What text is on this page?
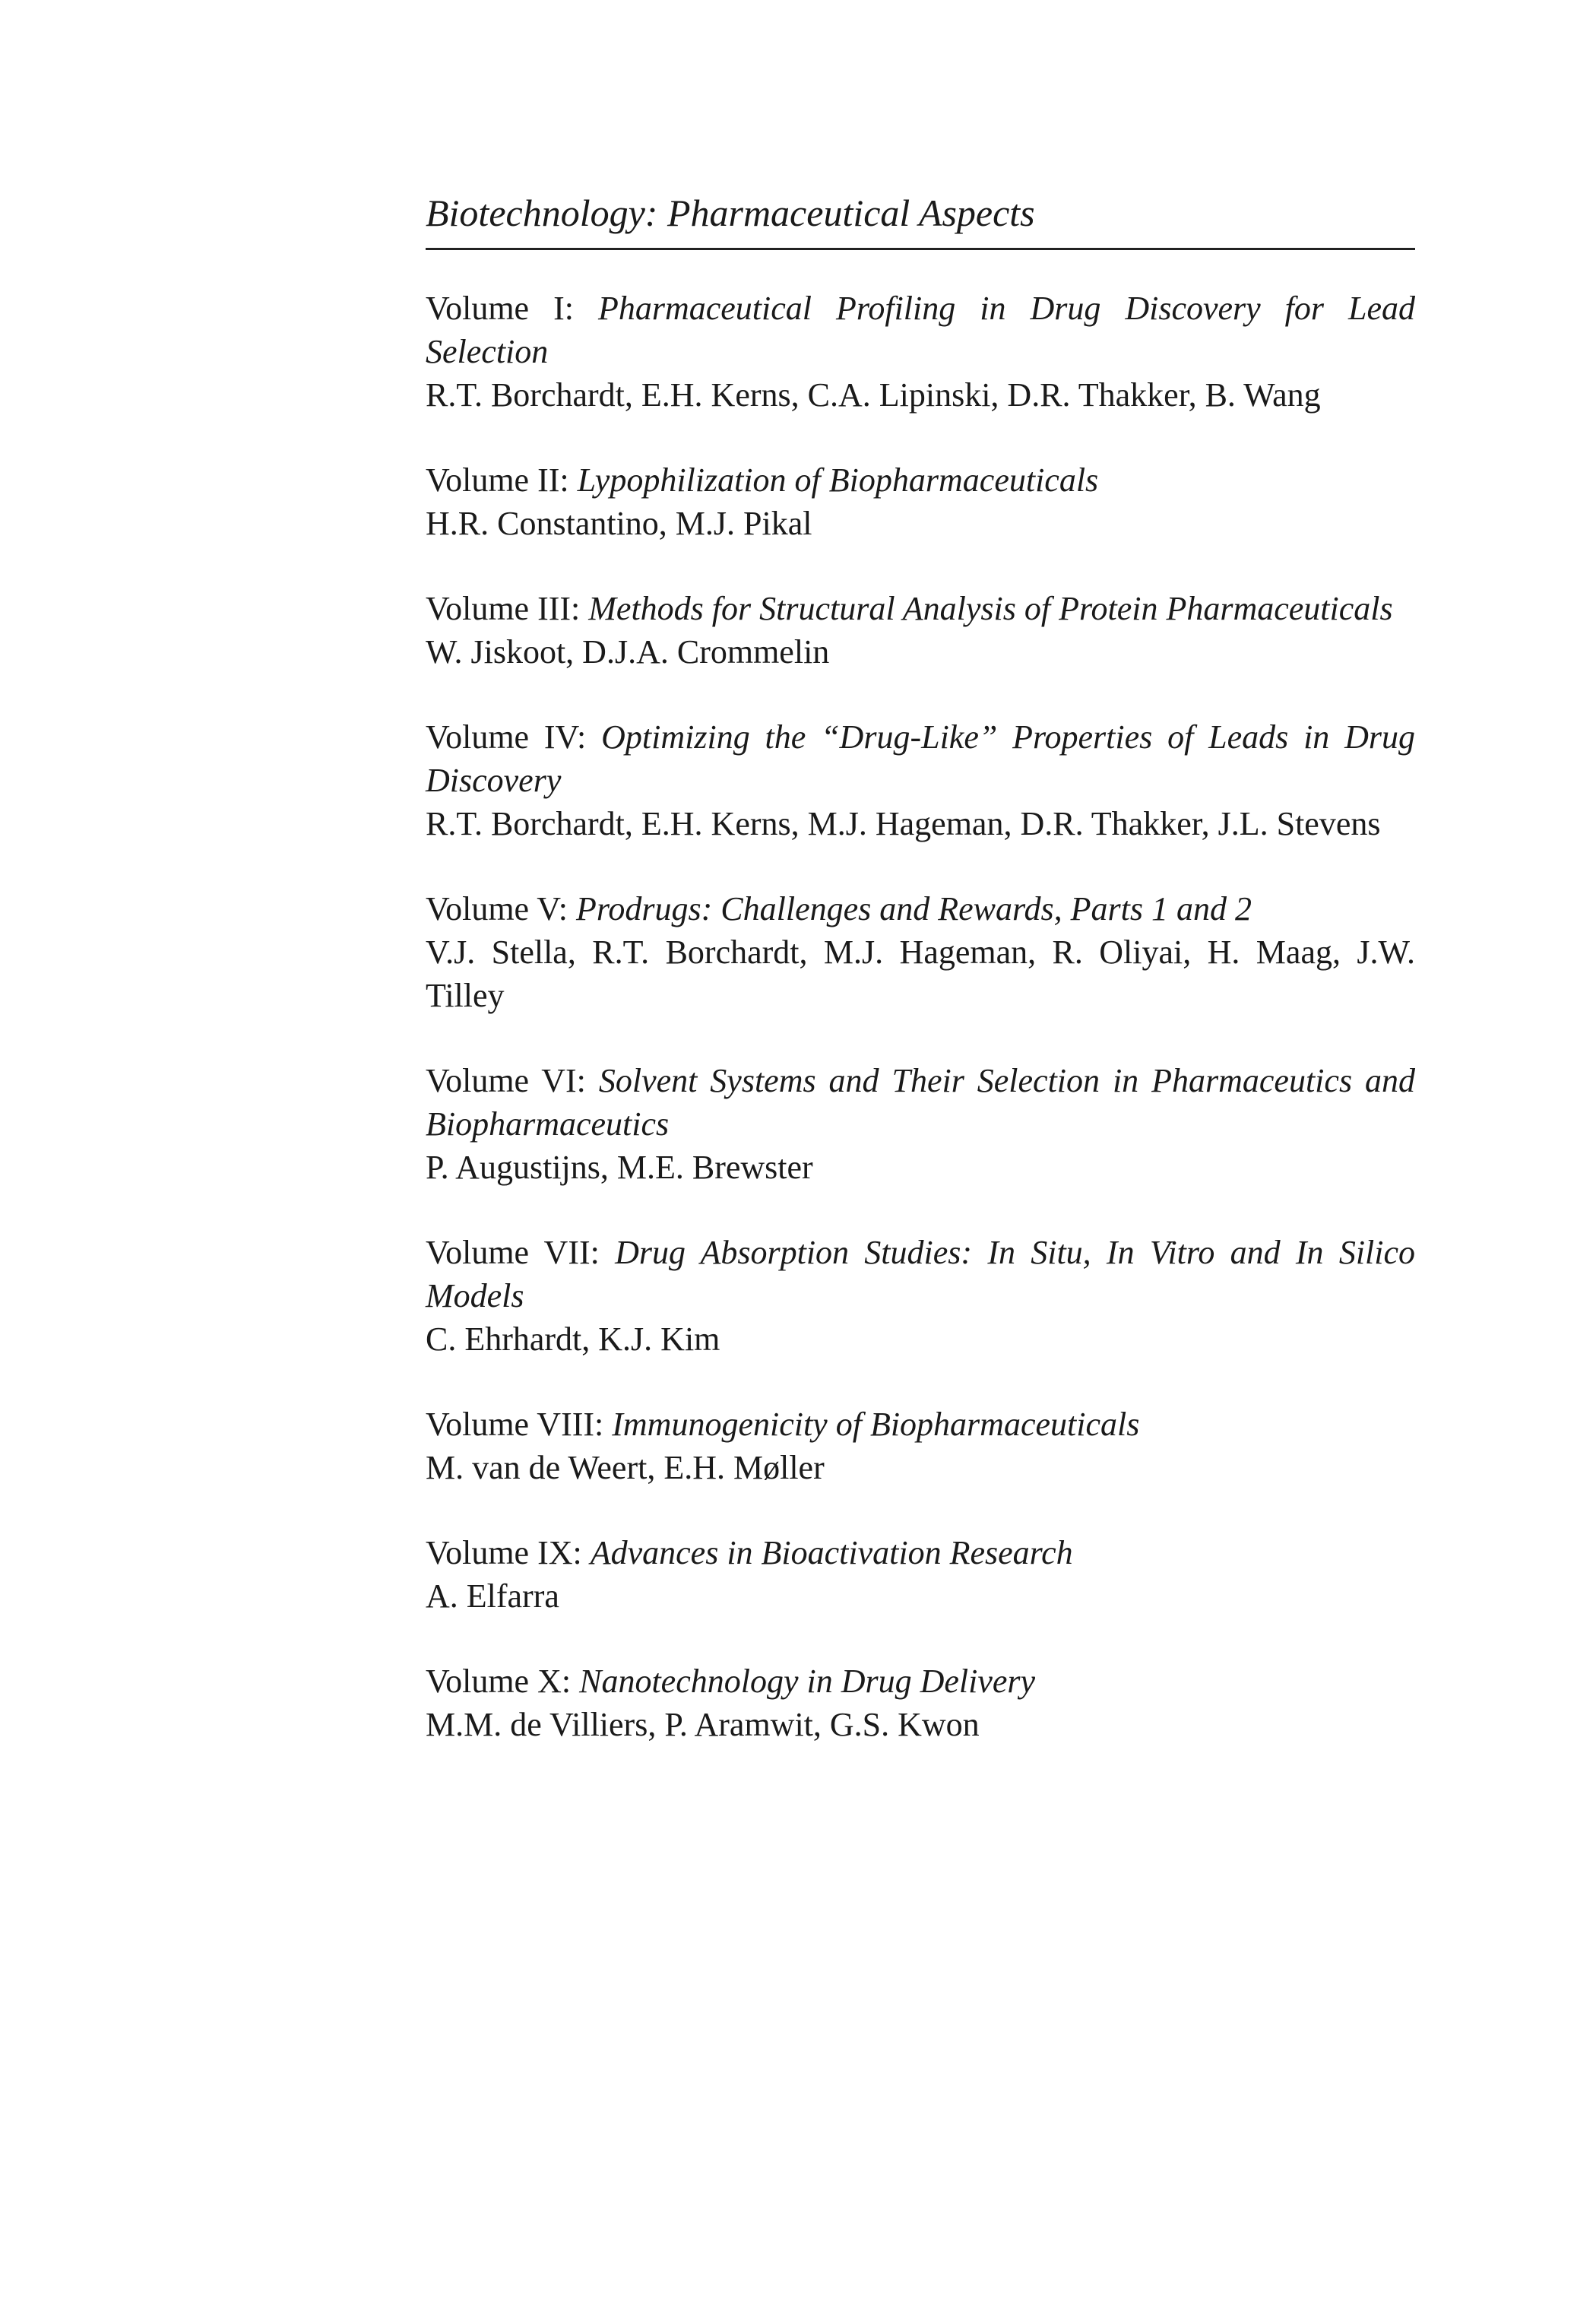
Biotechnology: Pharmaceutical Aspects
Volume I: Pharmaceutical Profiling in Drug Discovery for Lead Selection
R.T. Borchardt, E.H. Kerns, C.A. Lipinski, D.R. Thakker, B. Wang
Volume II: Lypophilization of Biopharmaceuticals
H.R. Constantino, M.J. Pikal
Volume III: Methods for Structural Analysis of Protein Pharmaceuticals
W. Jiskoot, D.J.A. Crommelin
Volume IV: Optimizing the “Drug-Like” Properties of Leads in Drug Discovery
R.T. Borchardt, E.H. Kerns, M.J. Hageman, D.R. Thakker, J.L. Stevens
Volume V: Prodrugs: Challenges and Rewards, Parts 1 and 2
V.J. Stella, R.T. Borchardt, M.J. Hageman, R. Oliyai, H. Maag, J.W. Tilley
Volume VI: Solvent Systems and Their Selection in Pharmaceutics and Biopharmaceutics
P. Augustijns, M.E. Brewster
Volume VII: Drug Absorption Studies: In Situ, In Vitro and In Silico Models
C. Ehrhardt, K.J. Kim
Volume VIII: Immunogenicity of Biopharmaceuticals
M. van de Weert, E.H. Møller
Volume IX: Advances in Bioactivation Research
A. Elfarra
Volume X: Nanotechnology in Drug Delivery
M.M. de Villiers, P. Aramwit, G.S. Kwon
